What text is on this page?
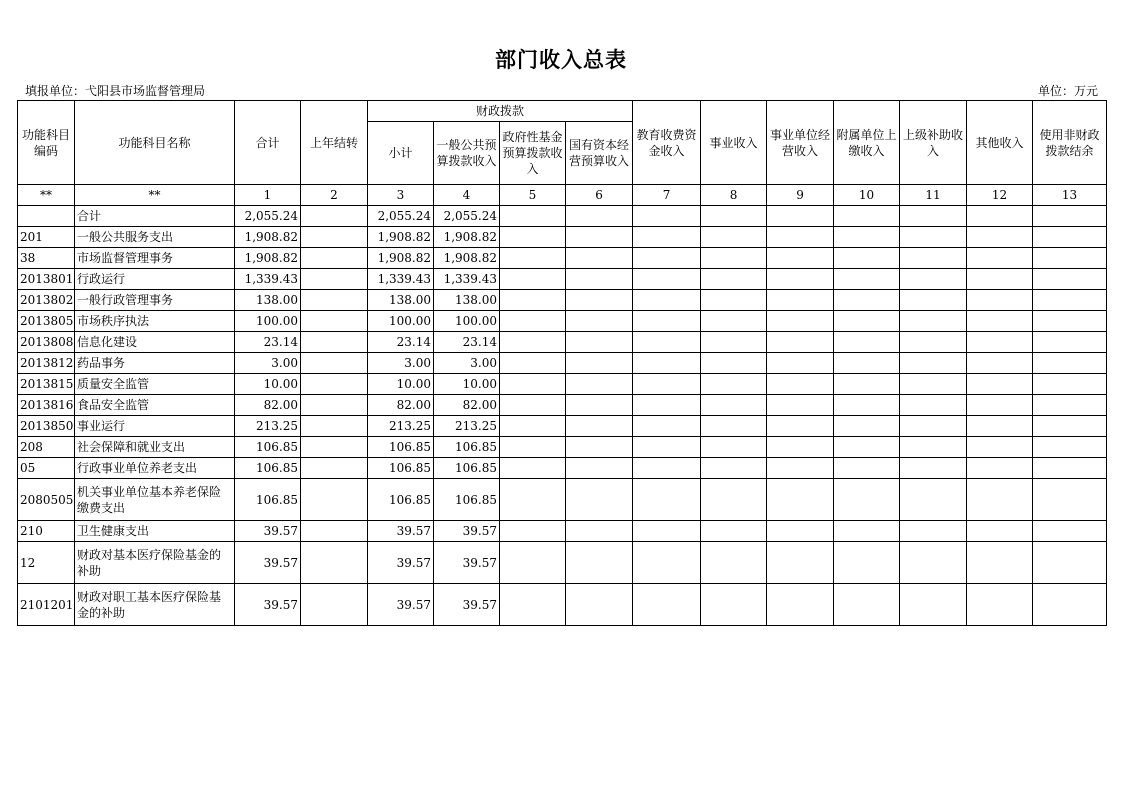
部门收入总表
填报单位：弋阳县市场监督管理局	单位：万元
功能科目编码	功能科目名称	合计	上年结转	财政拨款				教育收费资金收入	事业收入	事业单位经营收入	附属单位上缴收入	上级补助收入	其他收入	使用非财政拨款结余
				小计	一般公共预算拨款收入	政府性基金预算拨款收入	国有资本经营预算收入							
**	**	1	2	3	4	5	6	7	8	9	10	11	12	13
	合计	2,055.24		2,055.24	2,055.24									
201	一般公共服务支出	1,908.82		1,908.82	1,908.82									
38	市场监督管理事务	1,908.82		1,908.82	1,908.82									
2013801	行政运行	1,339.43		1,339.43	1,339.43									
2013802	一般行政管理事务	138.00		138.00	138.00									
2013805	市场秩序执法	100.00		100.00	100.00									
2013808	信息化建设	23.14		23.14	23.14									
2013812	药品事务	3.00		3.00	3.00									
2013815	质量安全监管	10.00		10.00	10.00									
2013816	食品安全监管	82.00		82.00	82.00									
2013850	事业运行	213.25		213.25	213.25									
208	社会保障和就业支出	106.85		106.85	106.85									
05	行政事业单位养老支出	106.85		106.85	106.85									
2080505	机关事业单位基本养老保险缴费支出	106.85		106.85	106.85									
210	卫生健康支出	39.57		39.57	39.57									
12	财政对基本医疗保险基金的补助	39.57		39.57	39.57									
2101201	财政对职工基本医疗保险基金的补助	39.57		39.57	39.57									
